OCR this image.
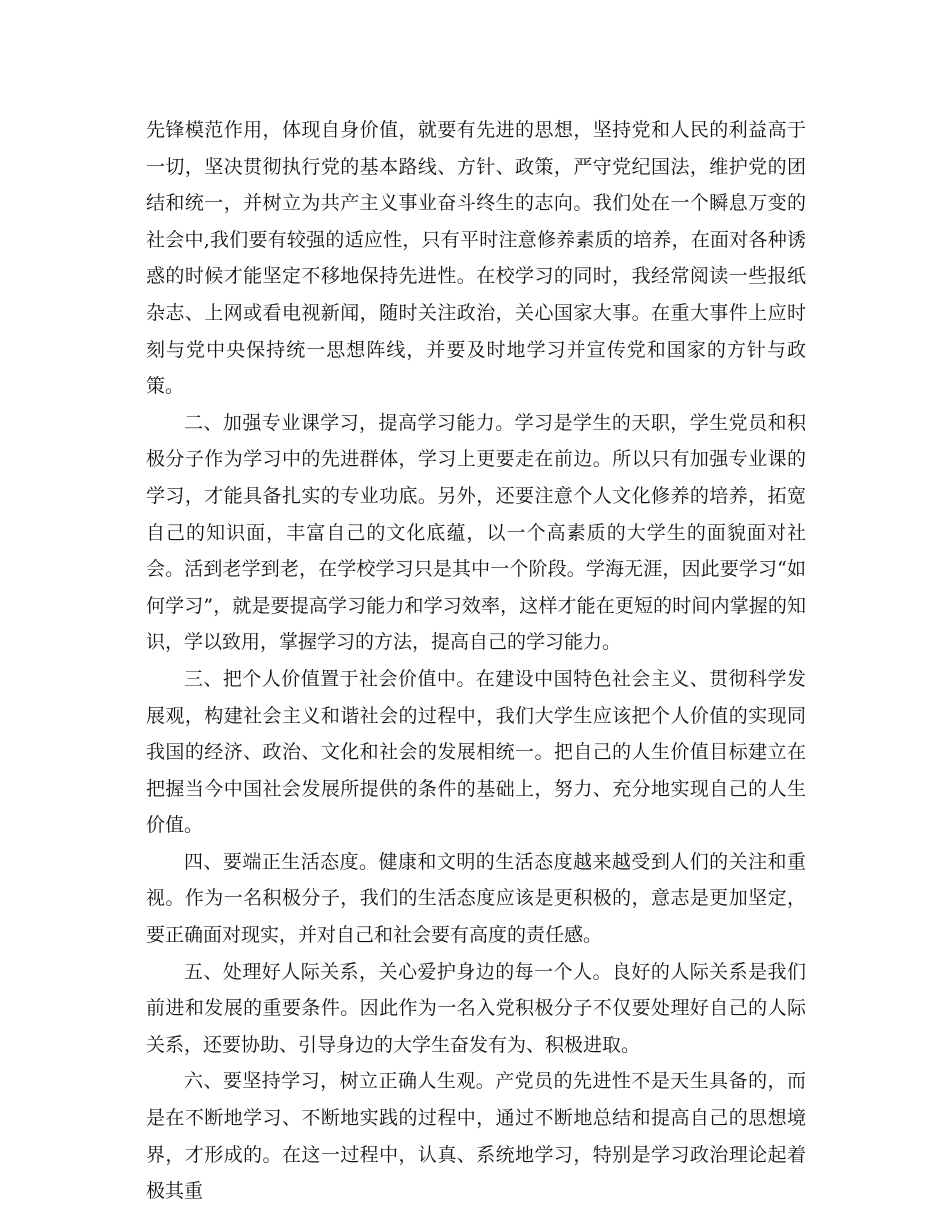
先锋模范作用，体现自身价值，就要有先进的思想，坚持党和人民的利益高于一切，坚决贯彻执行党的基本路线、方针、政策，严守党纪国法，维护党的团结和统一，并树立为共产主义事业奋斗终生的志向。我们处在一个瞬息万变的社会中,我们要有较强的适应性，只有平时注意修养素质的培养，在面对各种诱惑的时候才能坚定不移地保持先进性。在校学习的同时，我经常阅读一些报纸杂志、上网或看电视新闻，随时关注政治，关心国家大事。在重大事件上应时刻与党中央保持统一思想阵线，并要及时地学习并宣传党和国家的方针与政策。

二、加强专业课学习，提高学习能力。学习是学生的天职，学生党员和积极分子作为学习中的先进群体，学习上更要走在前边。所以只有加强专业课的学习，才能具备扎实的专业功底。另外，还要注意个人文化修养的培养，拓宽自己的知识面，丰富自己的文化底蕴，以一个高素质的大学生的面貌面对社会。活到老学到老，在学校学习只是其中一个阶段。学海无涯，因此要学习“如何学习”，就是要提高学习能力和学习效率，这样才能在更短的时间内掌握的知识，学以致用，掌握学习的方法，提高自己的学习能力。

三、把个人价值置于社会价值中。在建设中国特色社会主义、贯彻科学发展观，构建社会主义和谐社会的过程中，我们大学生应该把个人价值的实现同我国的经济、政治、文化和社会的发展相统一。把自己的人生价值目标建立在把握当今中国社会发展所提供的条件的基础上，努力、充分地实现自己的人生价值。

四、要端正生活态度。健康和文明的生活态度越来越受到人们的关注和重视。作为一名积极分子，我们的生活态度应该是更积极的，意志是更加坚定，要正确面对现实，并对自己和社会要有高度的责任感。

五、处理好人际关系，关心爱护身边的每一个人。良好的人际关系是我们前进和发展的重要条件。因此作为一名入党积极分子不仅要处理好自己的人际关系，还要协助、引导身边的大学生奋发有为、积极进取。

六、要坚持学习，树立正确人生观。产党员的先进性不是天生具备的，而是在不断地学习、不断地实践的过程中，通过不断地总结和提高自己的思想境界，才形成的。在这一过程中，认真、系统地学习，特别是学习政治理论起着极其重
